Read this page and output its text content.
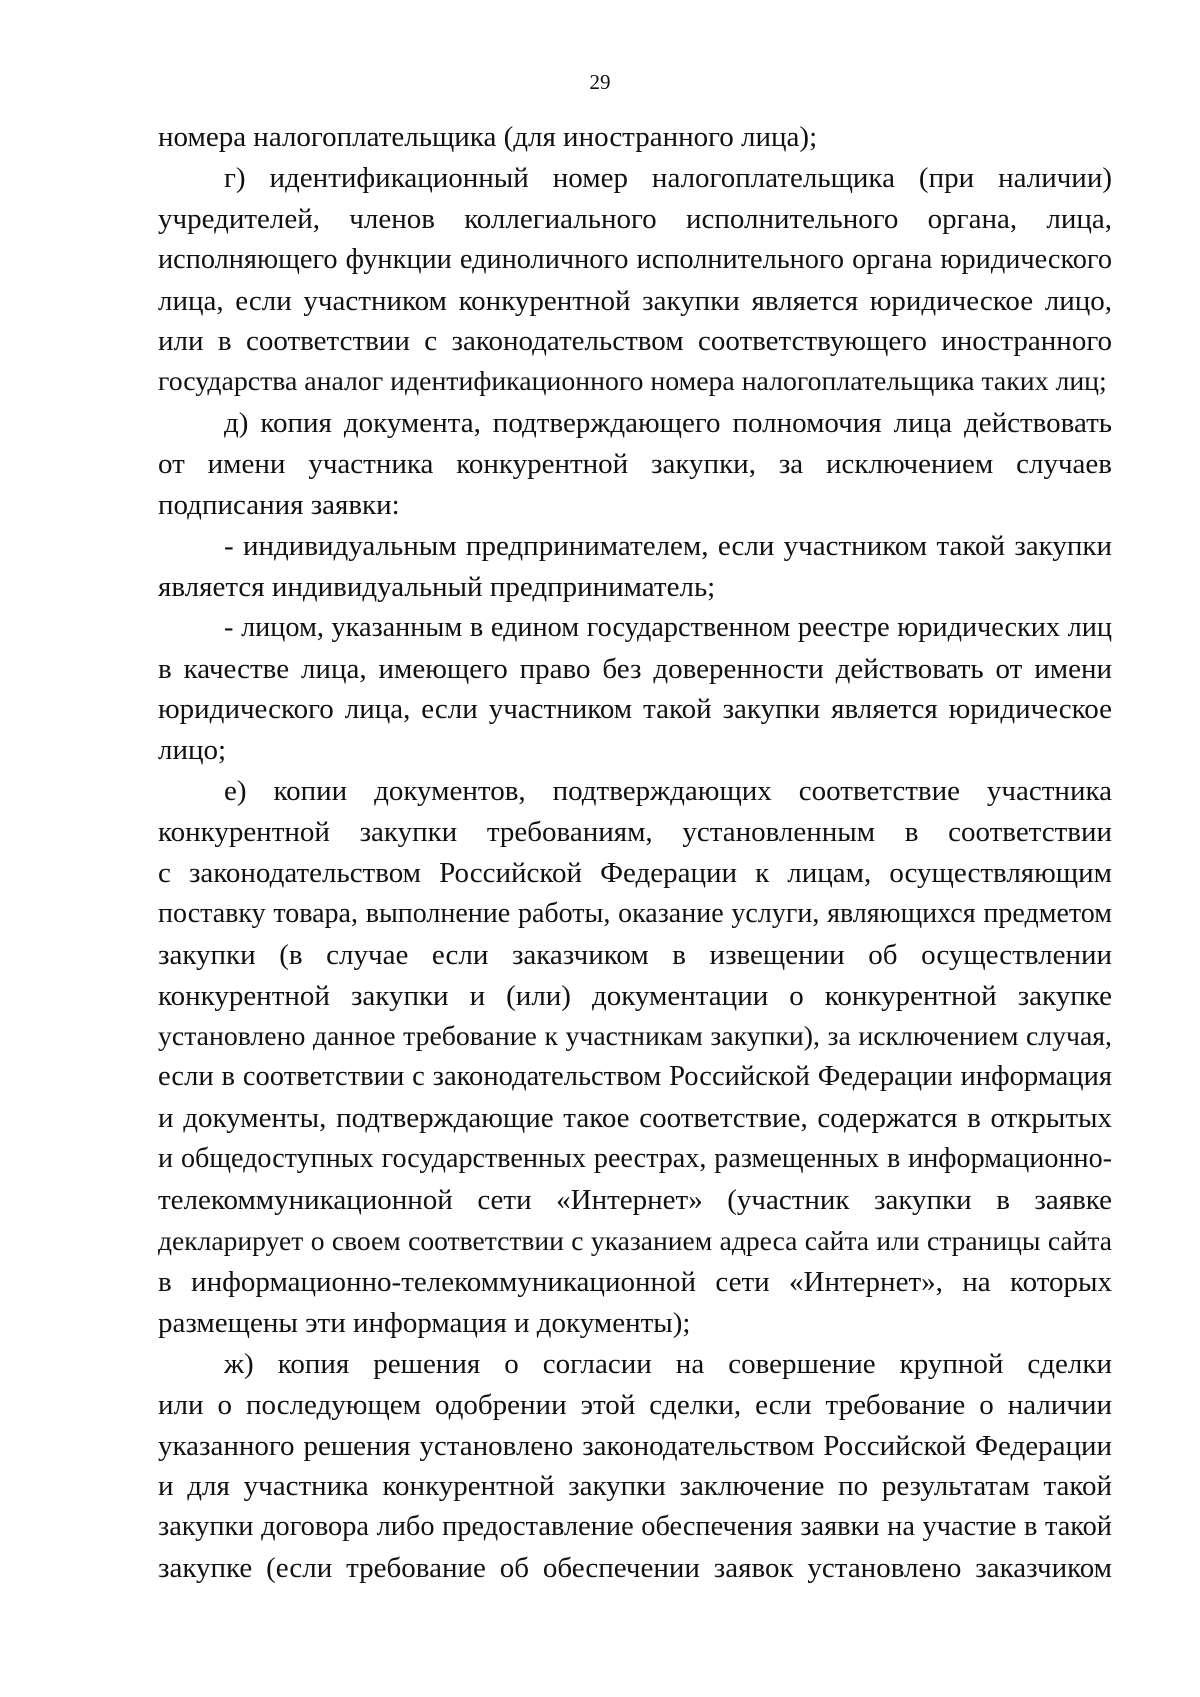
29
номера налогоплательщика (для иностранного лица);
г) идентификационный номер налогоплательщика (при наличии)
учредителей, членов коллегиального исполнительного органа, лица,
исполняющего функции единоличного исполнительного органа юридического
лица, если участником конкурентной закупки является юридическое лицо,
или в соответствии с законодательством соответствующего иностранного
государства аналог идентификационного номера налогоплательщика таких лиц;
д) копия документа, подтверждающего полномочия лица действовать
от имени участника конкурентной закупки, за исключением случаев
подписания заявки:
- индивидуальным предпринимателем, если участником такой закупки
является индивидуальный предприниматель;
- лицом, указанным в едином государственном реестре юридических лиц
в качестве лица, имеющего право без доверенности действовать от имени
юридического лица, если участником такой закупки является юридическое
лицо;
е) копии документов, подтверждающих соответствие участника
конкурентной закупки требованиям, установленным в соответствии
с законодательством Российской Федерации к лицам, осуществляющим
поставку товара, выполнение работы, оказание услуги, являющихся предметом
закупки (в случае если заказчиком в извещении об осуществлении
конкурентной закупки и (или) документации о конкурентной закупке
установлено данное требование к участникам закупки), за исключением случая,
если в соответствии с законодательством Российской Федерации информация
и документы, подтверждающие такое соответствие, содержатся в открытых
и общедоступных государственных реестрах, размещенных в информационно-
телекоммуникационной сети «Интернет» (участник закупки в заявке
декларирует о своем соответствии с указанием адреса сайта или страницы сайта
в информационно-телекоммуникационной сети «Интернет», на которых
размещены эти информация и документы);
ж) копия решения о согласии на совершение крупной сделки
или о последующем одобрении этой сделки, если требование о наличии
указанного решения установлено законодательством Российской Федерации
и для участника конкурентной закупки заключение по результатам такой
закупки договора либо предоставление обеспечения заявки на участие в такой
закупке (если требование об обеспечении заявок установлено заказчиком
